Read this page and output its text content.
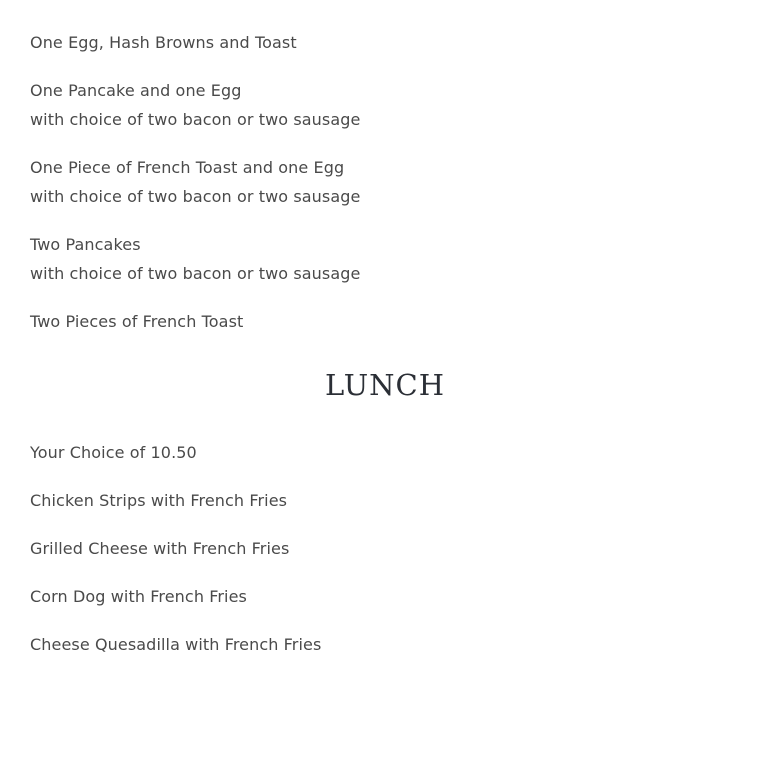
One Egg, Hash Browns and Toast
One Pancake and one Egg
with choice of two bacon or two sausage
One Piece of French Toast and one Egg
with choice of two bacon or two sausage
Two Pancakes
with choice of two bacon or two sausage
Two Pieces of French Toast
LUNCH
Your Choice of 10.50
Chicken Strips with French Fries
Grilled Cheese with French Fries
Corn Dog with French Fries
Cheese Quesadilla with French Fries
